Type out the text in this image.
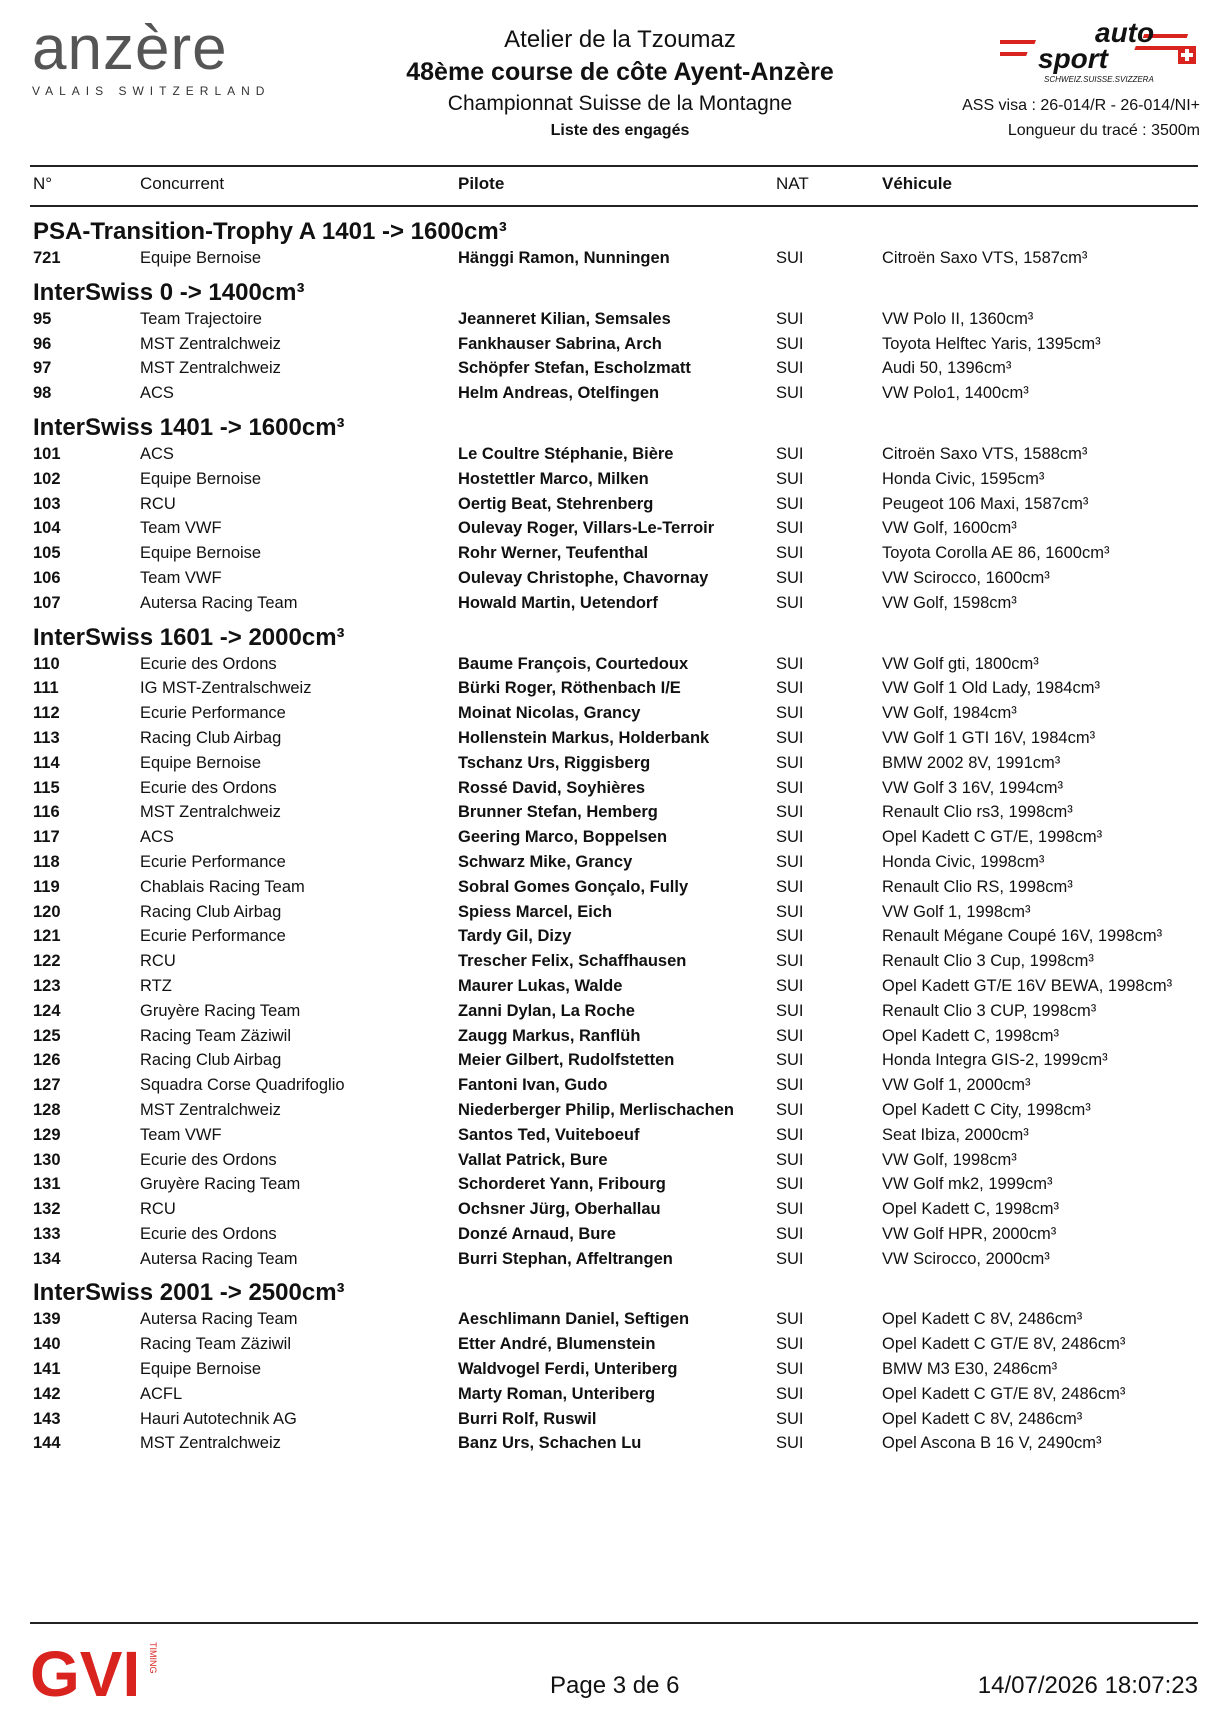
anzère
VALAIS SWITZERLAND
Atelier de la Tzoumaz
48ème course de côte Ayent-Anzère
Championnat Suisse de la Montagne
Liste des engagés
auto
sport
SCHWEIZ.SUISSE.SVIZZERA
ASS visa : 26-014/R - 26-014/NI+
Longueur du tracé : 3500m
N°	Concurrent	Pilote	NAT	Véhicule
PSA-Transition-Trophy A 1401 -> 1600cm³
721	Equipe Bernoise	Hänggi Ramon, Nunningen	SUI	Citroën Saxo VTS, 1587cm³
InterSwiss 0 -> 1400cm³
95	Team Trajectoire	Jeanneret Kilian, Semsales	SUI	VW Polo II, 1360cm³
96	MST Zentralchweiz	Fankhauser Sabrina, Arch	SUI	Toyota Helftec Yaris, 1395cm³
97	MST Zentralchweiz	Schöpfer Stefan, Escholzmatt	SUI	Audi 50, 1396cm³
98	ACS	Helm Andreas, Otelfingen	SUI	VW Polo1, 1400cm³
InterSwiss 1401 -> 1600cm³
101	ACS	Le Coultre Stéphanie, Bière	SUI	Citroën Saxo VTS, 1588cm³
102	Equipe Bernoise	Hostettler Marco, Milken	SUI	Honda Civic, 1595cm³
103	RCU	Oertig Beat, Stehrenberg	SUI	Peugeot 106 Maxi, 1587cm³
104	Team VWF	Oulevay Roger, Villars-Le-Terroir	SUI	VW Golf, 1600cm³
105	Equipe Bernoise	Rohr Werner, Teufenthal	SUI	Toyota Corolla AE 86, 1600cm³
106	Team VWF	Oulevay Christophe, Chavornay	SUI	VW Scirocco, 1600cm³
107	Autersa Racing Team	Howald Martin, Uetendorf	SUI	VW Golf, 1598cm³
InterSwiss 1601 -> 2000cm³
110	Ecurie des Ordons	Baume François, Courtedoux	SUI	VW Golf gti, 1800cm³
111	IG MST-Zentralschweiz	Bürki Roger, Röthenbach I/E	SUI	VW Golf 1 Old Lady, 1984cm³
112	Ecurie Performance	Moinat Nicolas, Grancy	SUI	VW Golf, 1984cm³
113	Racing Club Airbag	Hollenstein Markus, Holderbank	SUI	VW Golf 1 GTI 16V, 1984cm³
114	Equipe Bernoise	Tschanz Urs, Riggisberg	SUI	BMW 2002 8V, 1991cm³
115	Ecurie des Ordons	Rossé David, Soyhières	SUI	VW Golf 3 16V, 1994cm³
116	MST Zentralchweiz	Brunner Stefan, Hemberg	SUI	Renault Clio rs3, 1998cm³
117	ACS	Geering Marco, Boppelsen	SUI	Opel Kadett C GT/E, 1998cm³
118	Ecurie Performance	Schwarz Mike, Grancy	SUI	Honda Civic, 1998cm³
119	Chablais Racing Team	Sobral Gomes Gonçalo, Fully	SUI	Renault Clio RS, 1998cm³
120	Racing Club Airbag	Spiess Marcel, Eich	SUI	VW Golf 1, 1998cm³
121	Ecurie Performance	Tardy Gil, Dizy	SUI	Renault Mégane Coupé 16V, 1998cm³
122	RCU	Trescher Felix, Schaffhausen	SUI	Renault Clio 3 Cup, 1998cm³
123	RTZ	Maurer Lukas, Walde	SUI	Opel Kadett GT/E 16V BEWA, 1998cm³
124	Gruyère Racing Team	Zanni Dylan, La Roche	SUI	Renault Clio 3 CUP, 1998cm³
125	Racing Team Zäziwil	Zaugg Markus, Ranflüh	SUI	Opel Kadett C, 1998cm³
126	Racing Club Airbag	Meier Gilbert, Rudolfstetten	SUI	Honda Integra GIS-2, 1999cm³
127	Squadra Corse Quadrifoglio	Fantoni Ivan, Gudo	SUI	VW Golf 1, 2000cm³
128	MST Zentralchweiz	Niederberger Philip, Merlischachen	SUI	Opel Kadett C City, 1998cm³
129	Team VWF	Santos Ted, Vuiteboeuf	SUI	Seat Ibiza, 2000cm³
130	Ecurie des Ordons	Vallat Patrick, Bure	SUI	VW Golf, 1998cm³
131	Gruyère Racing Team	Schorderet Yann, Fribourg	SUI	VW Golf mk2, 1999cm³
132	RCU	Ochsner Jürg, Oberhallau	SUI	Opel Kadett C, 1998cm³
133	Ecurie des Ordons	Donzé Arnaud, Bure	SUI	VW Golf HPR, 2000cm³
134	Autersa Racing Team	Burri Stephan, Affeltrangen	SUI	VW Scirocco, 2000cm³
InterSwiss 2001 -> 2500cm³
139	Autersa Racing Team	Aeschlimann Daniel, Seftigen	SUI	Opel Kadett C 8V, 2486cm³
140	Racing Team Zäziwil	Etter André, Blumenstein	SUI	Opel Kadett C GT/E 8V, 2486cm³
141	Equipe Bernoise	Waldvogel Ferdi, Unteriberg	SUI	BMW M3 E30, 2486cm³
142	ACFL	Marty Roman, Unteriberg	SUI	Opel Kadett C GT/E 8V, 2486cm³
143	Hauri Autotechnik AG	Burri Rolf, Ruswil	SUI	Opel Kadett C 8V, 2486cm³
144	MST Zentralchweiz	Banz Urs, Schachen Lu	SUI	Opel Ascona B 16 V, 2490cm³
GVI TIMING
Page 3 de 6	14/07/2026 18:07:23
